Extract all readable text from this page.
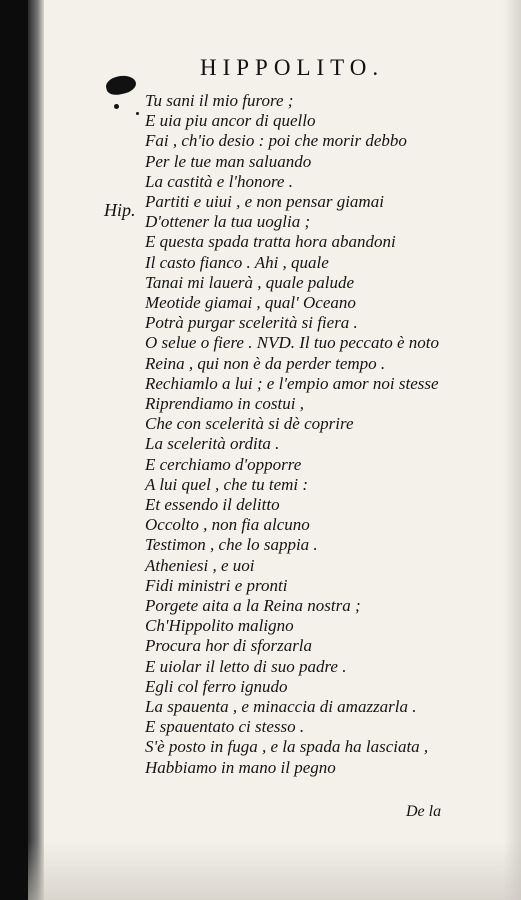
HIPPOLITO.
Hip.
Tu sani il mio furore ;
E uia piu ancor di quello
Fai , ch'io desio : poi che morir debbo
Per le tue man saluando
La castità e l'honore .
Partiti e uiui , e non pensar giamai
D'ottener la tua uoglia ;
E questa spada tratta hora abandoni
Il casto fianco . Ahi , quale
Tanai mi lauerà , quale palude
Meotide giamai , qual' Oceano
Potrà purgar scelerità si fiera .
O selue o fiere . NVD. Il tuo peccato è noto
Reina , qui non è da perder tempo .
Rechiamlo a lui ; e l'empio amor noi stesse
Riprendiamo in costui ,
Che con scelerità si dè coprire
La scelerità ordita .
E cerchiamo d'opporre
A lui quel , che tu temi :
Et essendo il delitto
Occolto , non fia alcuno
Testimon , che lo sappia .
Atheniesi , e uoi
Fidi ministri e pronti
Porgete aita a la Reina nostra ;
Ch'Hippolito maligno
Procura hor di sforzarla
E uiolar il letto di suo padre .
Egli col ferro ignudo
La spauenta , e minaccia di amazzarla .
E spauentato ci stesso .
S'è posto in fuga , e la spada ha lasciata ,
Habbiamo in mano il pegno
De la
